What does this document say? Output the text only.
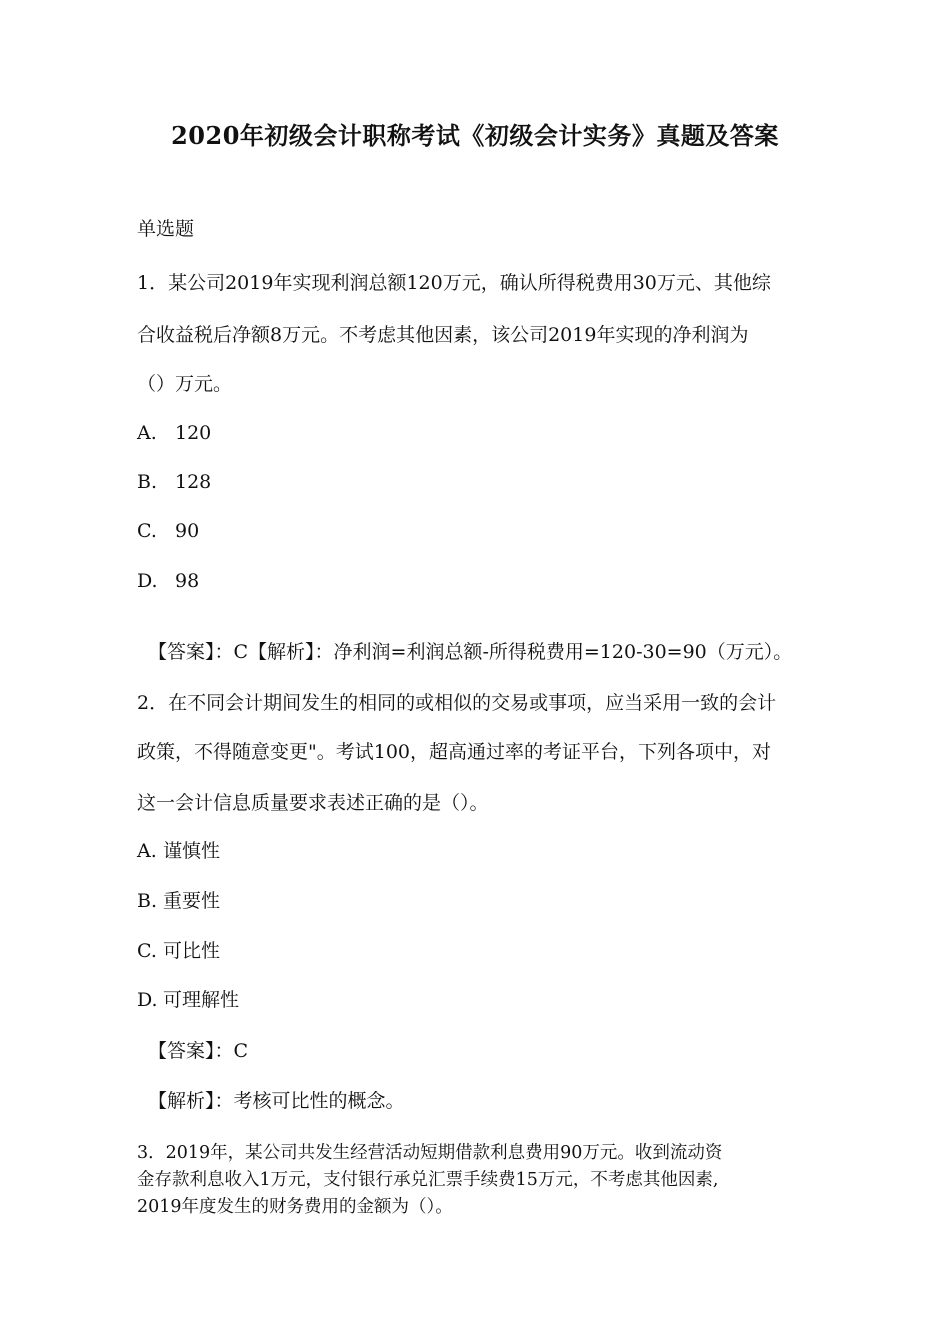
2020年初级会计职称考试《初级会计实务》真题及答案
单选题
1．某公司2019年实现利润总额120万元，确认所得税费用30万元、其他综
合收益税后净额8万元。不考虑其他因素，该公司2019年实现的净利润为
（）万元。
A. 120
B. 128
C. 90
D. 98
【答案】：C【解析】：净利润=利润总额-所得税费用=120-30=90（万元）。
2．在不同会计期间发生的相同的或相似的交易或事项，应当采用一致的会计
政策，不得随意变更"。考试100，超高通过率的考证平台，下列各项中，对
这一会计信息质量要求表述正确的是（）。
A. 谨慎性
B. 重要性
C. 可比性
D. 可理解性
【答案】：C
【解析】：考核可比性的概念。
3．2019年，某公司共发生经营活动短期借款利息费用90万元。收到流动资
金存款利息收入1万元，支付银行承兑汇票手续费15万元，不考虑其他因素,
2019年度发生的财务费用的金额为（）。
